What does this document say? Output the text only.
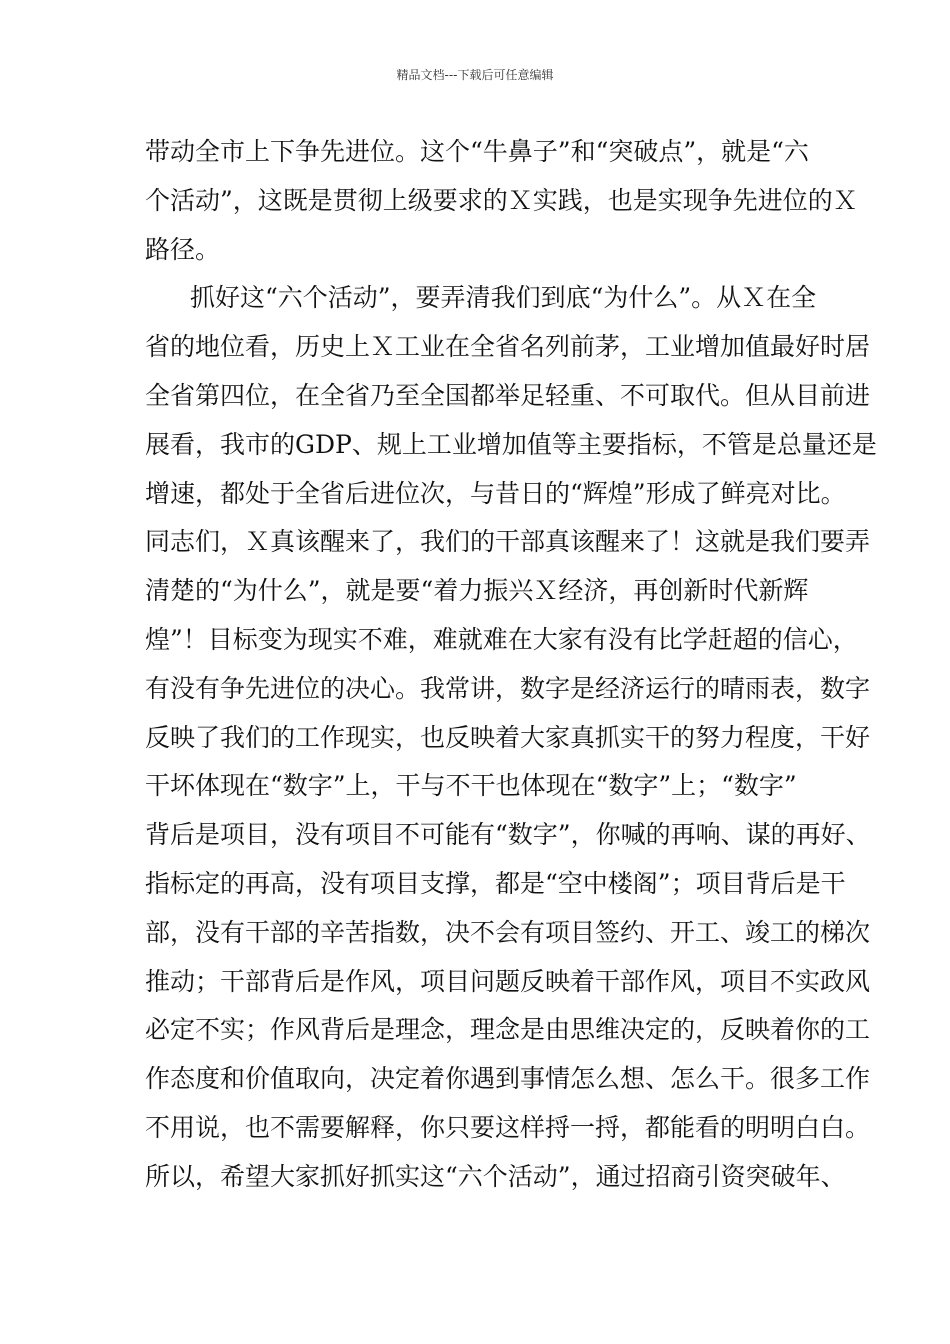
精品文档---下载后可任意编辑
带动全市上下争先进位。这个“牛鼻子”和“突破点”，就是“六
个活动”，这既是贯彻上级要求的Ｘ实践，也是实现争先进位的Ｘ
路径。
抓好这“六个活动”，要弄清我们到底“为什么”。从Ｘ在全
省的地位看，历史上Ｘ工业在全省名列前茅，工业增加值最好时居
全省第四位，在全省乃至全国都举足轻重、不可取代。但从目前进
展看，我市的GDP、规上工业增加值等主要指标，不管是总量还是
增速，都处于全省后进位次，与昔日的“辉煌”形成了鲜亮对比。
同志们，Ｘ真该醒来了，我们的干部真该醒来了！这就是我们要弄
清楚的“为什么”，就是要“着力振兴Ｘ经济，再创新时代新辉
煌”！目标变为现实不难，难就难在大家有没有比学赶超的信心，
有没有争先进位的决心。我常讲，数字是经济运行的晴雨表，数字
反映了我们的工作现实，也反映着大家真抓实干的努力程度，干好
干坏体现在“数字”上，干与不干也体现在“数字”上；“数字”
背后是项目，没有项目不可能有“数字”，你喊的再响、谋的再好、
指标定的再高，没有项目支撑，都是“空中楼阁”；项目背后是干
部，没有干部的辛苦指数，决不会有项目签约、开工、竣工的梯次
推动；干部背后是作风，项目问题反映着干部作风，项目不实政风
必定不实；作风背后是理念，理念是由思维决定的，反映着你的工
作态度和价值取向，决定着你遇到事情怎么想、怎么干。很多工作
不用说，也不需要解释，你只要这样捋一捋，都能看的明明白白。
所以，希望大家抓好抓实这“六个活动”，通过招商引资突破年、
